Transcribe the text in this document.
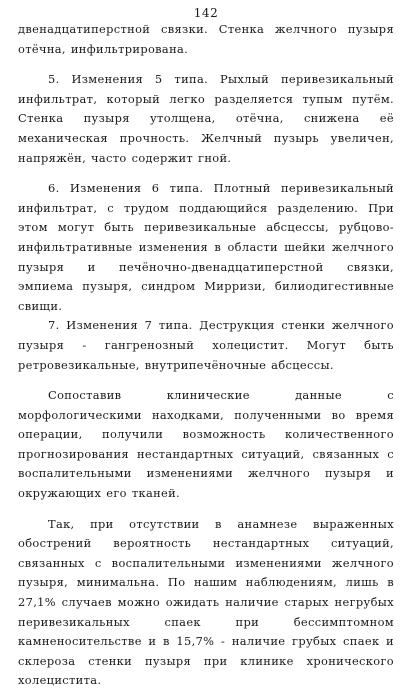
142

двенадцатиперстной связки. Стенка желчного пузыря отёчна, инфильтрирована.

5. Изменения 5 типа. Рыхлый перивезикальный инфильтрат, который легко разделяется тупым путём. Стенка пузыря утолщена, отёчна, снижена её механическая прочность. Желчный пузырь увеличен, напряжён, часто содержит гной.

6. Изменения 6 типа. Плотный перивезикальный инфильтрат, с трудом поддающийся разделению. При этом могут быть перивезикальные абсцессы, рубцово-инфильтративные изменения в области шейки желчного пузыря и печёночно-двенадцатиперстной связки, эмпиема пузыря, синдром Мирризи, билиодигестивные свищи.

7. Изменения 7 типа. Деструкция стенки желчного пузыря - гангренозный холецистит. Могут быть ретровезикальные, внутрипечёночные абсцессы.

Сопоставив клинические данные с морфологическими находками, полученными во время операции, получили возможность количественного прогнозирования нестандартных ситуаций, связанных с воспалительными изменениями желчного пузыря и окружающих его тканей.

Так, при отсутствии в анамнезе выраженных обострений вероятность нестандартных ситуаций, связанных с воспалительными изменениями желчного пузыря, минимальна. По нашим наблюдениям, лишь в 27,1% случаев можно ожидать наличие старых негрубых перивезикальных спаек при бессимптомном камненосительстве и в 15,7% - наличие грубых спаек и склероза стенки пузыря при клинике хронического холецистита.
